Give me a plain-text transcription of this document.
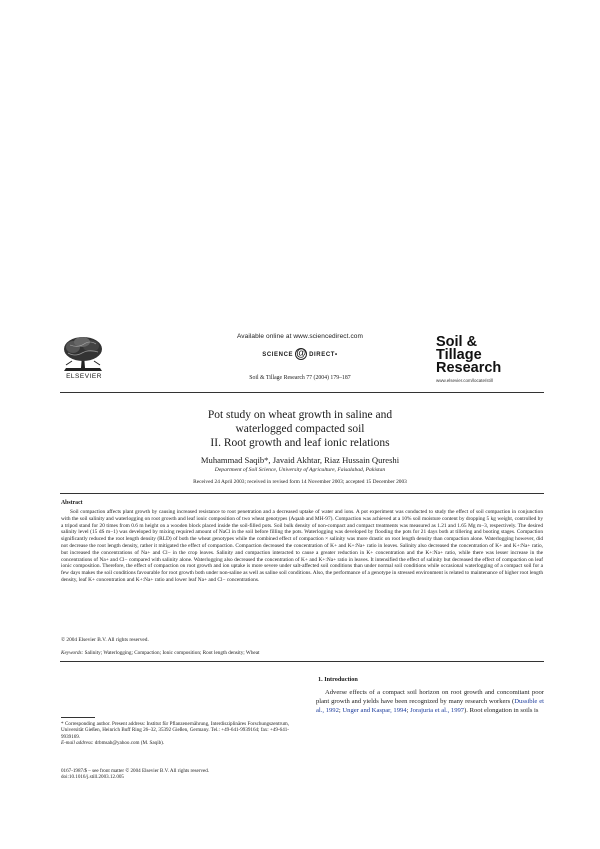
ELSEVIER
Available online at www.sciencedirect.com
SCIENCE @ DIRECT•
Soil & Tillage Research 77 (2004) 179–187
Soil &
Tillage
Research
www.elsevier.com/locate/still
Pot study on wheat growth in saline and
waterlogged compacted soil
II. Root growth and leaf ionic relations
Muhammad Saqib*, Javaid Akhtar, Riaz Hussain Qureshi
Department of Soil Science, University of Agriculture, Faisalabad, Pakistan
Received 24 April 2003; received in revised form 14 November 2003; accepted 15 December 2003
Abstract
Soil compaction affects plant growth by causing increased resistance to root penetration and a decreased uptake of water and ions. A pot experiment was conducted to study the effect of soil compaction in conjunction with the soil salinity and waterlogging on root growth and leaf ionic composition of two wheat genotypes (Aqaab and MH-97). Compaction was achieved at a 10% soil moisture content by dropping 5 kg weight, controlled by a tripod stand for 20 times from 0.6 m height on a wooden block placed inside the soil-filled pots. Soil bulk density of non-compact and compact treatments was measured as 1.21 and 1.65 Mg m−3, respectively. The desired salinity level (15 dS m−1) was developed by mixing required amount of NaCl in the soil before filling the pots. Waterlogging was developed by flooding the pots for 21 days both at tillering and booting stages. Compaction significantly reduced the root length density (RLD) of both the wheat genotypes while the combined effect of compaction × salinity was more drastic on root length density than compaction alone. Waterlogging however, did not decrease the root length density, rather it mitigated the effect of compaction. Compaction decreased the concentration of K+ and K+:Na+ ratio in leaves. Salinity also decreased the concentration of K+ and K+:Na+ ratio, but increased the concentrations of Na+ and Cl− in the crop leaves. Salinity and compaction interacted to cause a greater reduction in K+ concentration and the K+:Na+ ratio, while there was lesser increase in the concentrations of Na+ and Cl− compared with salinity alone. Waterlogging also decreased the concentration of K+ and K+:Na+ ratio in leaves. It intensified the effect of salinity but decreased the effect of compaction on leaf ionic composition. Therefore, the effect of compaction on root growth and ion uptake is more severe under salt-affected soil conditions than under normal soil conditions while occasional waterlogging of a compact soil for a few days makes the soil conditions favourable for root growth both under non-saline as well as saline soil conditions. Also, the performance of a genotype in stressed environment is related to maintenance of higher root length density, leaf K+ concentration and K+:Na+ ratio and lower leaf Na+ and Cl− concentrations.
© 2004 Elsevier B.V. All rights reserved.
Keywords: Salinity; Waterlogging; Compaction; Ionic composition; Root length density; Wheat
1. Introduction
Adverse effects of a compact soil horizon on root growth and concomitant poor plant growth and yields have been recognized by many research workers (Dussible et al., 1992; Unger and Kaspar, 1994; Jorajuria et al., 1997). Root elongation in soils is
* Corresponding author. Present address: Institut für Pflanzenernährung, Interdisziplinäres Forschungszentrum, Universität Gießen, Heinrich Buff Ring 26–32, 35392 Gießen, Germany. Tel.: +49-641-9939164; fax: +49-641-9939169.
E-mail address: drbmsab@yahoo.com (M. Saqib).
0167-1987/$ – see front matter © 2004 Elsevier B.V. All rights reserved.
doi:10.1016/j.still.2003.12.005
